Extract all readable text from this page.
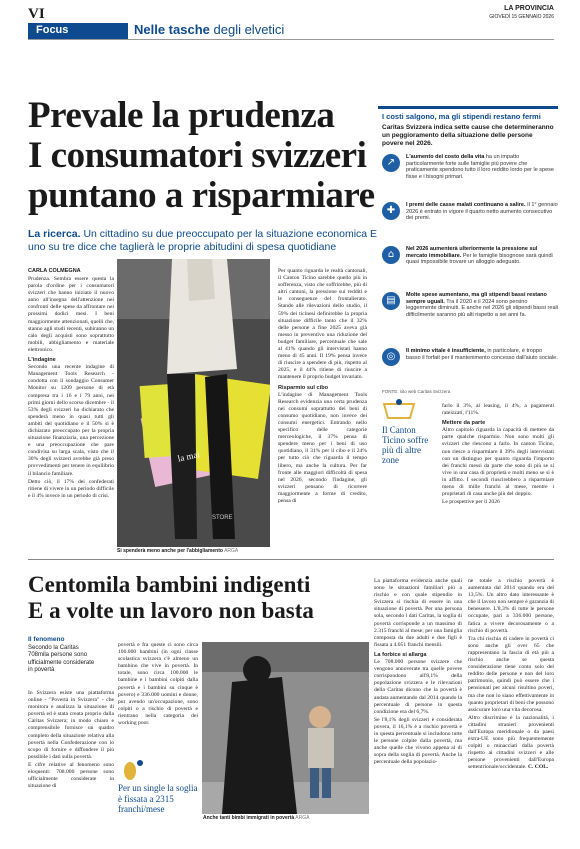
VI	LA PROVINCIA
GIOVEDÌ 15 GENNAIO 2026
Focus	Nelle tasche degli elvetici
Prevale la prudenza
I consumatori svizzeri
puntano a risparmiare
La ricerca. Un cittadino su due preoccupato per la situazione economica E uno su tre dice che taglierà le proprie abitudini di spesa quotidiane
CARLA COLMEGNA

Prudenza. Sembra essere questa la parola d'ordine per i consumatori svizzeri che hanno iniziato il nuovo anno all'insegna dell'attenzione nei confronti delle spese da affrontare nei prossimi dodici mesi. I beni maggiormente attenzionati, quelli che, stanno agli studi recenti, subiranno un calo degli acquisti sono soprattutto mobili, abbigliamento e materiale elettronico.

L'indagine

Secondo una recente indagine di Management Tools Research - condotta con il sondaggio Consumer Monitor su 1209 persone di età compresa tra i 16 e i 79 anni, nei primi giorni dello scorso dicembre - il 53% degli svizzeri ha dichiarato che spenderà meno in quasi tutti gli ambiti del quotidiano e il 50% si è dichiarato preoccupato per la propria situazione finanziaria, una percezione e una preoccupazione che pare condivisa su larga scala, visto che il 30% degli svizzeri avrebbe già preso provvedimenti per tenere in equilibrio il bilancio familiare.

Detto ciò, il 17% dei confederati ritiene di vivere in un periodo difficile e il 4% invece in un periodo di crisi.

la mai
STORE
Si spenderà meno anche per l'abbigliamento ARGA

Per quanto riguarda le realtà cantonali, il Canton Ticino sarebbe quello più in sofferenza, visto che soffrirebbe, più di altri cantoni, la pressione sui redditi e le conseguenze del frontalierato. Stando alle rilevazioni dello studio, il 59% dei ticinesi definirebbe la propria situazione difficile tanto che il 32% delle persone a fine 2025 aveva già messo in preventivo una riduzione del budget familiare, percentuale che sale al 41% quando gli intervistati hanno meno di 45 anni. Il 19% pensa invece di riuscire a spendere di più, rispetto al 2025, e il 44% ritiene di riuscire a mantenere il proprio budget invariato.

Risparmio sul cibo

L'indagine di Management Tools Research evidenzia una certa prudenza nei consumi soprattutto dei beni di consumo quotidiano, non invece dei consumi energetici. Entrando nello specifico delle categorie merceologiche, il 37% pensa di spendere meno per i beni di uso quotidiano, il 31% per il cibo e il 24% per tutto ciò che riguarda il tempo libero, ma anche la cultura. Per far fronte alle maggiori difficoltà di spesa nel 2026, secondo l'indagine, gli svizzeri pensano di ricorrere maggiormente a forme di credito, pensa di

I costi salgono, ma gli stipendi restano fermi
Caritas Svizzera indica sette cause che determineranno un peggioramento della situazione delle persone povere nel 2026.
↗	L'aumento del costo della vita ha un impatto particolarmente forte sulle famiglie più povere che praticamente spendono tutto il loro reddito lordo per le spese fisse e i bisogni primari.
✚	I premi delle casse malati continuano a salire. Il 1° gennaio 2026 è entrato in vigore il quarto netto aumento consecutivo dei premi.
⌂	Nel 2026 aumenterà ulteriormente la pressione sul mercato immobiliare. Per le famiglie bisognose sarà quindi quasi impossibile trovare un alloggio adeguato.
▤	Molte spese aumentano, ma gli stipendi bassi restano sempre uguali. Tra il 2020 e il 2024 sono persino leggermente diminuiti. E anche nel 2026 gli stipendi bassi reali difficilmente saranno più alti rispetto a sei anni fa.
◎	Il minimo vitale è insufficiente, in particolare, è troppo basso il forfait per il mantenimento concesso dall'aiuto sociale.
FONTE: sito web Caritas Svizzera
Il Canton Ticino soffre più di altre zone

farlo il 3%, al leasing, il 4%, a pagamenti rateizzati, l'11%.

Mettere da parte

Altro capitolo riguarda la capacità di mettere da parte qualche risparmio. Non sono molti gli svizzeri che riescono a farlo. In canton Ticino, non riesce a risparmiare il 39% degli intervistati con un distinguo per quanto riguarda l'importo dei franchi messi da parte che sono di più se si vive in una casa di proprietà e molti meno se si è in affitto. I secondi riuscirebbero a risparmiare meno di mille franchi al mese, mentre i proprietari di casa anche più del doppio.

Le prospettive per il 2026

Centomila bambini indigenti
E a volte un lavoro non basta
Il fenomeno
Secondo la Caritas 708mila persone sono ufficialmente considerate in povertà

In Svizzera esiste una piattaforma online - "Povertà in Svizzera" - che monitora e analizza la situazione di povertà ed è stata creata proprio dalla Caritas Svizzera; in modo chiaro e comprensibile fornisce un quadro completo della situazione relativa alla povertà nella Confederazione con lo scopo di fornire e diffondere il più possibile i dati sulla povertà.

E cifre relative al fenomeno sono eloquenti: 708.000 persone sono ufficialmente considerate in situazione di

povertà e fra queste ci sono circa 100.000 bambini (in ogni classe scolastica svizzera c'è almeno un bambino che vive in povertà. In totale, sono circa 100.000 le bambine e i bambini colpiti dalla povertà e i bambini su cinque è povero) e 336.000 uomini e donne, pur avendo un'occupazione, sono colpiti o a rischio di povertà e rientrano nella categoria dei working poor.

Per un single la soglia è fissata a 2315 franchi/mese
Anche tanti bimbi immigrati in povertà ARGA

La piattaforma evidenzia anche quali sono le situazioni familiari più a rischio e con quale stipendio in Svizzera si rischia di essere in una situazione di povertà. Per una persona sola, secondo i dati Caritas, la soglia di povertà corrisponde a un massimo di 2.315 franchi al mese; per una famiglia composta da due adulti e due figli è fissata a 4.051 franchi mensili.

La forbice si allarga

Le 708.000 persone svizzere che vengono annoverate tra quelle povere corrispondono all'8,1% della popolazione svizzera e le rilevazioni della Caritas dicono che la povertà è andata aumentando dal 2014 quando la percentuale di persone in questa condizione era del 6,7%.

Se l'8,1% degli svizzeri è considerata povera, il 16,1% è a rischio povertà e in questa percentuale si includono tutte le persone colpite dalla povertà, ma anche quelle che vivono appena al di sopra della soglia di povertà. Anche la percentuale della popolazio-

ne totale a rischio povertà è aumentata dal 2014 quando era del 13,5%. Un altro dato interessante è che il lavoro non sempre è garanzia di benessere. L'8,3% di tutte le persone occupate, pari a 336.000 persone, fatica a vivere decorosamente o a rischio di povertà.

Tra chi rischia di cadere in povertà ci sono anche gli over 65 che rappresentano la fascia di età più a rischio anche se questa considerazione tiene conto solo del reddito delle persone e non del loro patrimonio, quindi può essere che i pensionati per alcuni risultino poveri, ma che non lo siano effettivamente in quanto proprietari di beni che possono assicurare loro una vita decorosa.

Altro discrimine è la nazionalità, i cittadini stranieri provenienti dall'Europa meridionale o da paesi extra-UE sono più frequentemente colpiti o minacciati dalla povertà rispetto ai cittadini svizzeri e alle persone provenienti dall'Europa settentrionale/occidentale. C. COL.
